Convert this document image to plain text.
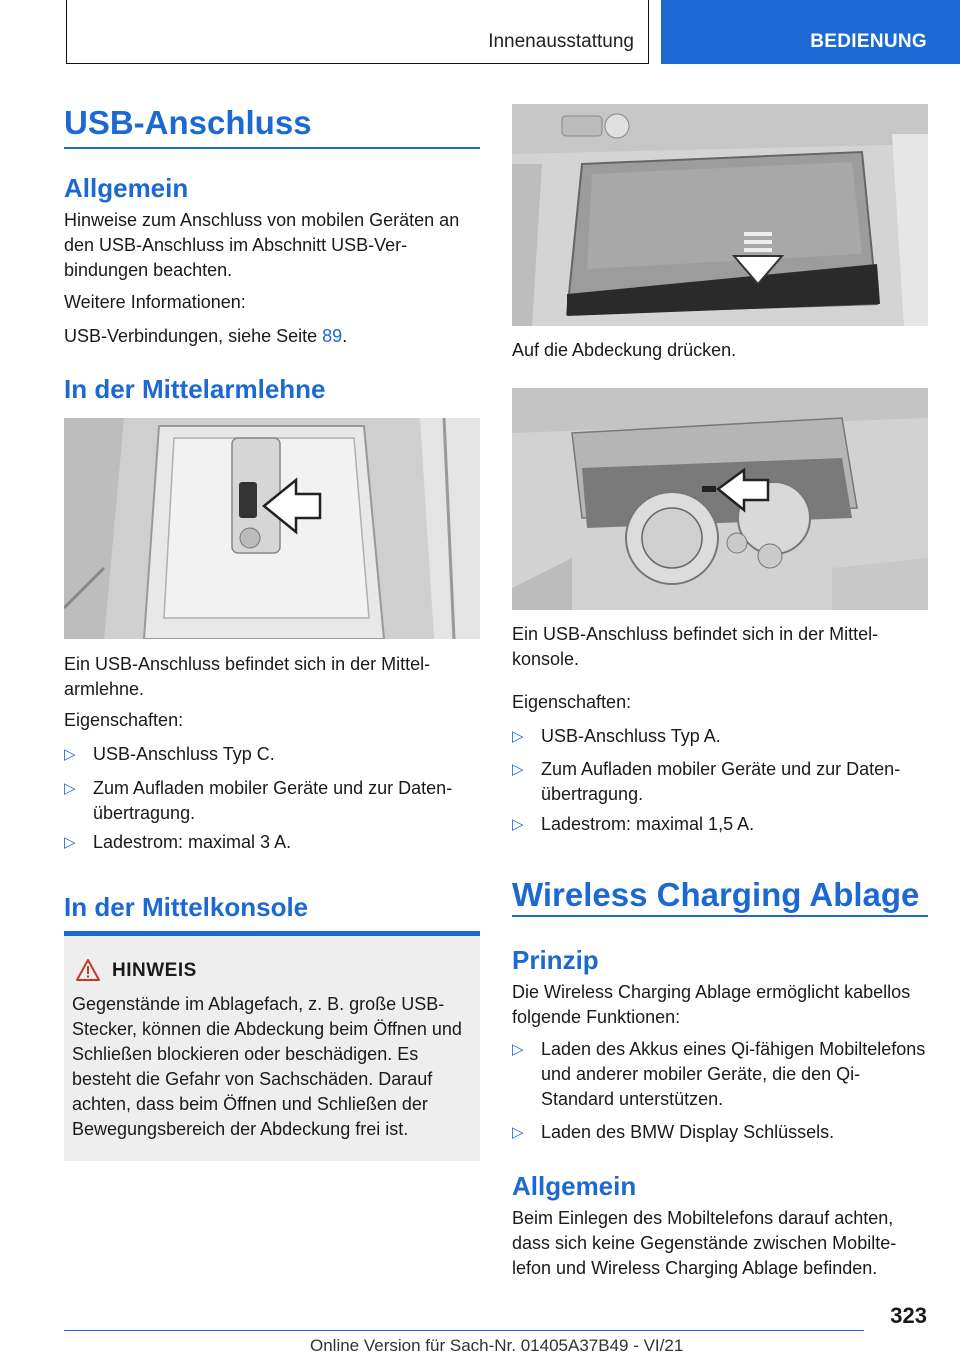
Innenausstattung	BEDIENUNG
USB-Anschluss
Allgemein
Hinweise zum Anschluss von mobilen Geräten an den USB-Anschluss im Abschnitt USB-Verbindungen beachten.
Weitere Informationen:
USB-Verbindungen, siehe Seite 89.
In der Mittelarmlehne
Ein USB-Anschluss befindet sich in der Mittelarmlehne.
Eigenschaften:
▷ USB-Anschluss Typ C.
▷ Zum Aufladen mobiler Geräte und zur Datenübertragung.
▷ Ladestrom: maximal 3 A.
In der Mittelkonsole
HINWEIS
Gegenstände im Ablagefach, z. B. große USB-Stecker, können die Abdeckung beim Öffnen und Schließen blockieren oder beschädigen. Es besteht die Gefahr von Sachschäden. Darauf achten, dass beim Öffnen und Schließen der Bewegungsbereich der Abdeckung frei ist.
Auf die Abdeckung drücken.
Ein USB-Anschluss befindet sich in der Mittelkonsole.
Eigenschaften:
▷ USB-Anschluss Typ A.
▷ Zum Aufladen mobiler Geräte und zur Datenübertragung.
▷ Ladestrom: maximal 1,5 A.
Wireless Charging Ablage
Prinzip
Die Wireless Charging Ablage ermöglicht kabellos folgende Funktionen:
▷ Laden des Akkus eines Qi-fähigen Mobiltelefons und anderer mobiler Geräte, die den Qi-Standard unterstützen.
▷ Laden des BMW Display Schlüssels.
Allgemein
Beim Einlegen des Mobiltelefons darauf achten, dass sich keine Gegenstände zwischen Mobiltelefon und Wireless Charging Ablage befinden.
323
Online Version für Sach-Nr. 01405A37B49 - VI/21
